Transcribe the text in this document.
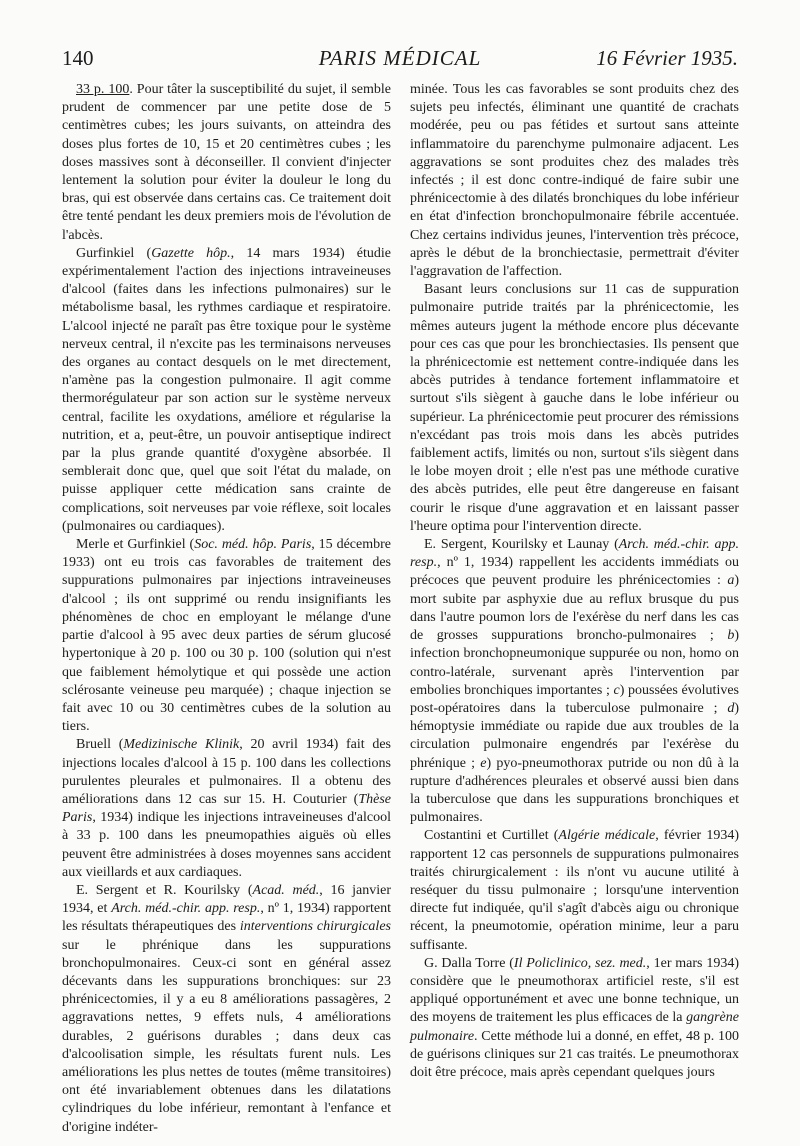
PARIS MÉDICAL
140	16 Février 1935.

33 p. 100. Pour tâter la susceptibilité du sujet, il semble prudent de commencer par une petite dose de 5 centimètres cubes; les jours suivants, on atteindra des doses plus fortes de 10, 15 et 20 centimètres cubes ; les doses massives sont à déconseiller. Il convient d'injecter lentement la solution pour éviter la douleur le long du bras, qui est observée dans certains cas. Ce traitement doit être tenté pendant les deux premiers mois de l'évolution de l'abcès.

Gurfinkiel (Gazette hôp., 14 mars 1934) étudie expérimentalement l'action des injections intraveineuses d'alcool (faites dans les infections pulmonaires) sur le métabolisme basal, les rythmes cardiaque et respiratoire. L'alcool injecté ne paraît pas être toxique pour le système nerveux central, il n'excite pas les terminaisons nerveuses des organes au contact desquels on le met directement, n'amène pas la congestion pulmonaire. Il agit comme thermorégulateur par son action sur le système nerveux central, facilite les oxydations, améliore et régularise la nutrition, et a, peut-être, un pouvoir antiseptique indirect par la plus grande quantité d'oxygène absorbée. Il semblerait donc que, quel que soit l'état du malade, on puisse appliquer cette médication sans crainte de complications, soit nerveuses par voie réflexe, soit locales (pulmonaires ou cardiaques).

Merle et Gurfinkiel (Soc. méd. hôp. Paris, 15 décembre 1933) ont eu trois cas favorables de traitement des suppurations pulmonaires par injections intraveineuses d'alcool ; ils ont supprimé ou rendu insignifiants les phénomènes de choc en employant le mélange d'une partie d'alcool à 95 avec deux parties de sérum glucosé hypertonique à 20 p. 100 ou 30 p. 100 (solution qui n'est que faiblement hémolytique et qui possède une action sclérosante veineuse peu marquée) ; chaque injection se fait avec 10 ou 30 centimètres cubes de la solution au tiers.

Bruell (Medizinische Klinik, 20 avril 1934) fait des injections locales d'alcool à 15 p. 100 dans les collections purulentes pleurales et pulmonaires. Il a obtenu des améliorations dans 12 cas sur 15. H. Couturier (Thèse Paris, 1934) indique les injections intraveineuses d'alcool à 33 p. 100 dans les pneumopathies aiguës où elles peuvent être administrées à doses moyennes sans accident aux vieillards et aux cardiaques.

E. Sergent et R. Kourilsky (Acad. méd., 16 janvier 1934, et Arch. méd.-chir. app. resp., nº 1, 1934) rapportent les résultats thérapeutiques des interventions chirurgicales sur le phrénique dans les suppurations bronchopulmonaires. Ceux-ci sont en général assez décevants dans les suppurations bronchiques: sur 23 phrénicectomies, il y a eu 8 améliorations passagères, 2 aggravations nettes, 9 effets nuls, 4 améliorations durables, 2 guérisons durables ; dans deux cas d'alcoolisation simple, les résultats furent nuls. Les améliorations les plus nettes de toutes (même transitoires) ont été invariablement obtenues dans les dilatations cylindriques du lobe inférieur, remontant à l'enfance et d'origine indéter-

minée. Tous les cas favorables se sont produits chez des sujets peu infectés, éliminant une quantité de crachats modérée, peu ou pas fétides et surtout sans atteinte inflammatoire du parenchyme pulmonaire adjacent. Les aggravations se sont produites chez des malades très infectés ; il est donc contre-indiqué de faire subir une phrénicectomie à des dilatés bronchiques du lobe inférieur en état d'infection bronchopulmonaire fébrile accentuée. Chez certains individus jeunes, l'intervention très précoce, après le début de la bronchiectasie, permettrait d'éviter l'aggravation de l'affection.

Basant leurs conclusions sur 11 cas de suppuration pulmonaire putride traités par la phrénicectomie, les mêmes auteurs jugent la méthode encore plus décevante pour ces cas que pour les bronchiectasies. Ils pensent que la phrénicectomie est nettement contre-indiquée dans les abcès putrides à tendance fortement inflammatoire et surtout s'ils siègent à gauche dans le lobe inférieur ou supérieur. La phrénicectomie peut procurer des rémissions n'excédant pas trois mois dans les abcès putrides faiblement actifs, limités ou non, surtout s'ils siègent dans le lobe moyen droit ; elle n'est pas une méthode curative des abcès putrides, elle peut être dangereuse en faisant courir le risque d'une aggravation et en laissant passer l'heure optima pour l'intervention directe.

E. Sergent, Kourilsky et Launay (Arch. méd.-chir. app. resp., nº 1, 1934) rappellent les accidents immédiats ou précoces que peuvent produire les phrénicectomies : a) mort subite par asphyxie due au reflux brusque du pus dans l'autre poumon lors de l'exérèse du nerf dans les cas de grosses suppurations broncho-pulmonaires ; b) infection bronchopneumonique suppurée ou non, homo on contro-latérale, survenant après l'intervention par embolies bronchiques importantes ; c) poussées évolutives post-opératoires dans la tuberculose pulmonaire ; d) hémoptysie immédiate ou rapide due aux troubles de la circulation pulmonaire engendrés par l'exérèse du phrénique ; e) pyo-pneumothorax putride ou non dû à la rupture d'adhérences pleurales et observé aussi bien dans la tuberculose que dans les suppurations bronchiques et pulmonaires.

Costantini et Curtillet (Algérie médicale, février 1934) rapportent 12 cas personnels de suppurations pulmonaires traités chirurgicalement : ils n'ont vu aucune utilité à reséquer du tissu pulmonaire ; lorsqu'une intervention directe fut indiquée, qu'il s'agît d'abcès aigu ou chronique récent, la pneumotomie, opération minime, leur a paru suffisante.

G. Dalla Torre (Il Policlinico, sez. med., 1er mars 1934) considère que le pneumothorax artificiel reste, s'il est appliqué opportunément et avec une bonne technique, un des moyens de traitement les plus efficaces de la gangrène pulmonaire. Cette méthode lui a donné, en effet, 48 p. 100 de guérisons cliniques sur 21 cas traités. Le pneumothorax doit être précoce, mais après cependant quelques jours
